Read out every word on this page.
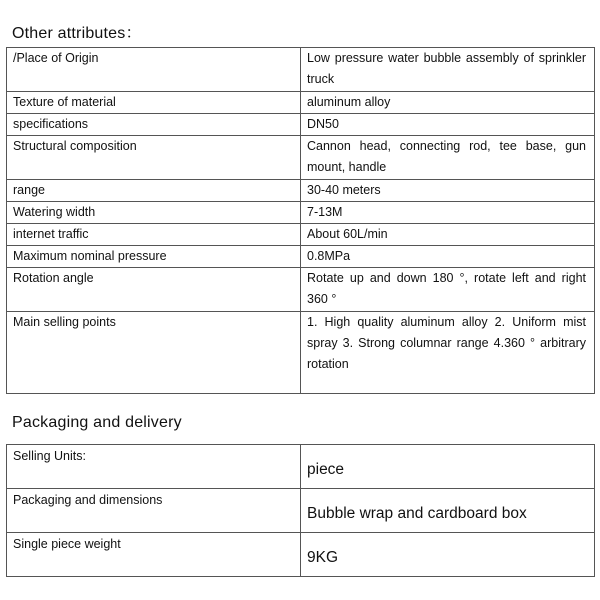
Other attributes：
/Place of Origin	Low pressure water bubble assembly of sprinkler truck
Texture of material	aluminum alloy
specifications	DN50
Structural composition	Cannon head, connecting rod, tee base, gun mount, handle
range	30-40 meters
Watering width	7-13M
internet traffic	About 60L/min
Maximum nominal pressure	0.8MPa
Rotation angle	Rotate up and down 180 °, rotate left and right 360 °
Main selling points	1. High quality aluminum alloy 2. Uniform mist spray 3. Strong columnar range 4.360 ° arbitrary rotation
Packaging and delivery
Selling Units:	piece
Packaging and dimensions	Bubble wrap and cardboard box
Single piece weight	9KG
